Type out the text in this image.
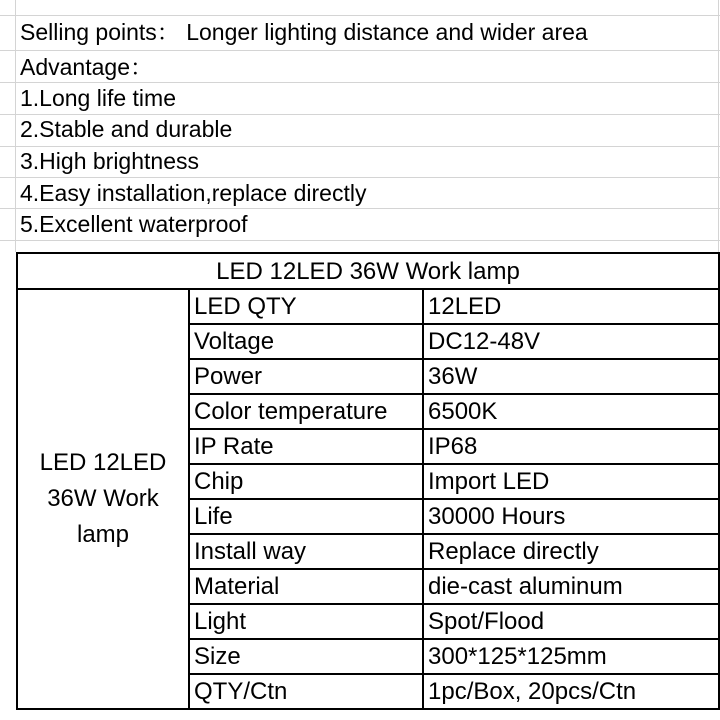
Selling points： Longer lighting distance and wider area
Advantage：
1.Long life time
2.Stable and durable
3.High brightness
4.Easy installation,replace directly
5.Excellent waterproof
LED 12LED 36W Work lamp		
LED 12LED 36W Work lamp	LED QTY	12LED
	Voltage	DC12-48V
	Power	36W
	Color temperature	6500K
	IP Rate	IP68
	Chip	Import LED
	Life	30000 Hours
	Install way	Replace directly
	Material	die-cast aluminum
	Light	Spot/Flood
	Size	300*125*125mm
	QTY/Ctn	1pc/Box, 20pcs/Ctn
